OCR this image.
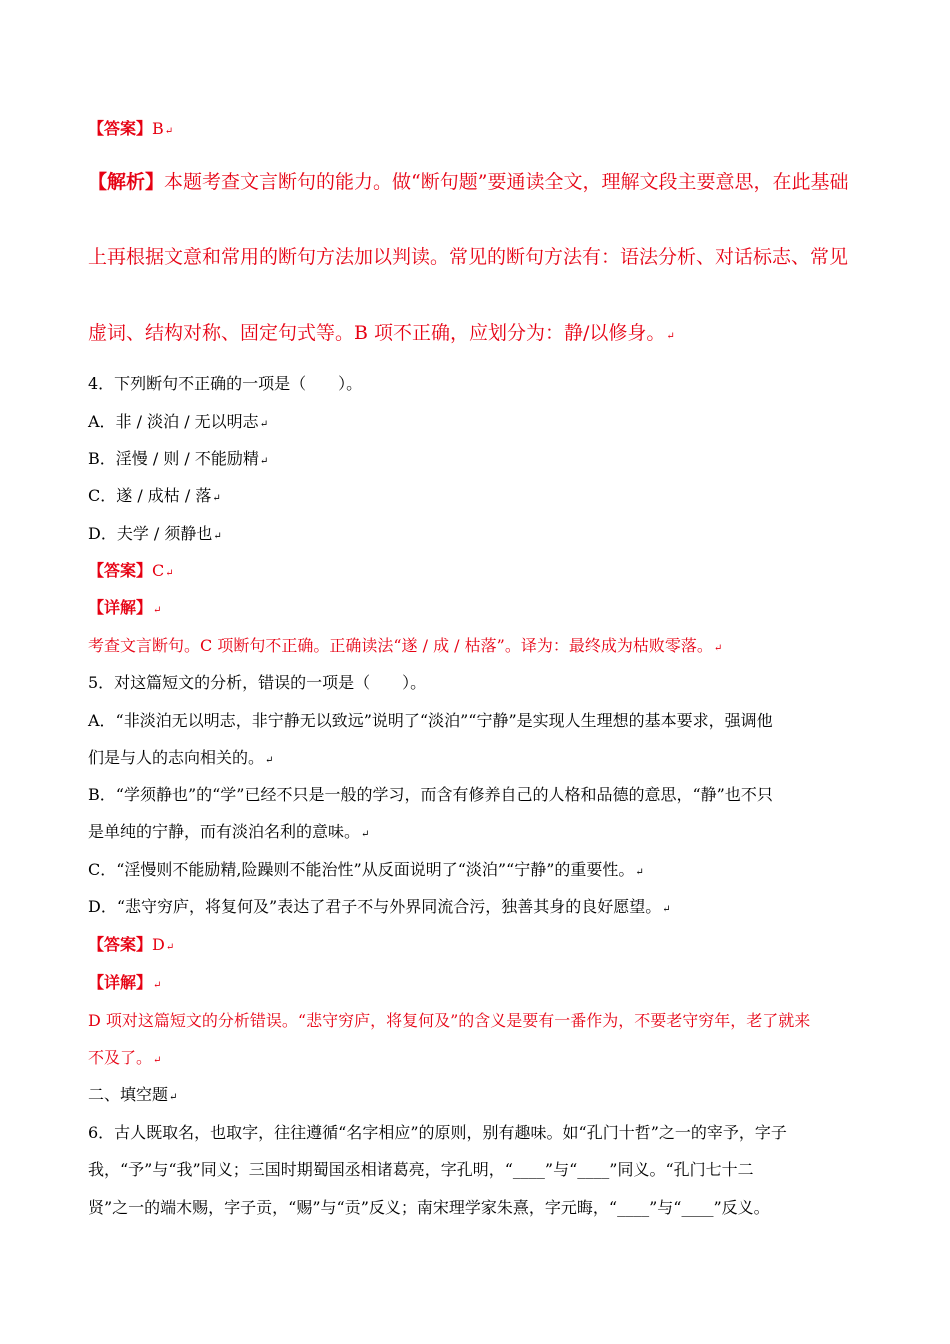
【答案】B↵
【解析】本题考查文言断句的能力。做“断句题”要通读全文，理解文段主要意思，在此基础
上再根据文意和常用的断句方法加以判读。常见的断句方法有：语法分析、对话标志、常见
虚词、结构对称、固定句式等。B 项不正确，应划分为：静/以修身。↵
4．下列断句不正确的一项是（　　）。
A．非 / 淡泊 / 无以明志↵
B．淫慢 / 则 / 不能励精↵
C．遂 / 成枯 / 落↵
D．夫学 / 须静也↵
【答案】C↵
【详解】↵
考查文言断句。C 项断句不正确。正确读法“遂 / 成 / 枯落”。译为：最终成为枯败零落。↵
5．对这篇短文的分析，错误的一项是（　　）。
A．“非淡泊无以明志，非宁静无以致远”说明了“淡泊”“宁静”是实现人生理想的基本要求，强调他
们是与人的志向相关的。↵
B．“学须静也”的“学”已经不只是一般的学习，而含有修养自己的人格和品德的意思，“静”也不只
是单纯的宁静，而有淡泊名利的意味。↵
C．“淫慢则不能励精,险躁则不能治性”从反面说明了“淡泊”“宁静”的重要性。↵
D．“悲守穷庐，将复何及”表达了君子不与外界同流合污，独善其身的良好愿望。↵
【答案】D↵
【详解】↵
D 项对这篇短文的分析错误。“悲守穷庐，将复何及”的含义是要有一番作为，不要老守穷年，老了就来
不及了。↵
二、填空题↵
6．古人既取名，也取字，往往遵循“名字相应”的原则，别有趣味。如“孔门十哲”之一的宰予，字子
我，“予”与“我”同义；三国时期蜀国丞相诸葛亮，字孔明，“____”与“____”同义。“孔门七十二
贤”之一的端木赐，字子贡，“赐”与“贡”反义；南宋理学家朱熹，字元晦，“____”与“____”反义。
